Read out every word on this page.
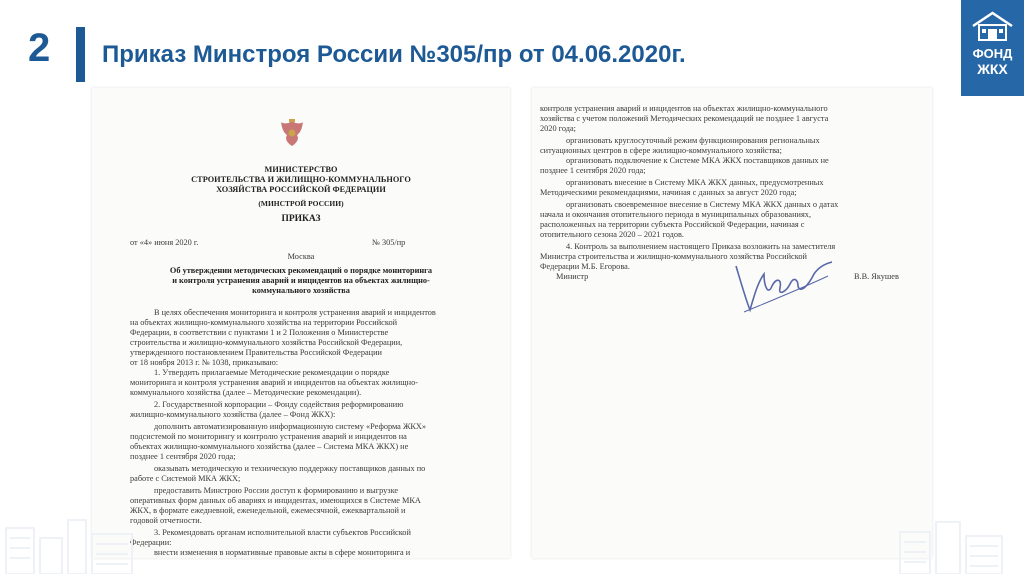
2 Приказ Минстроя России №305/пр от 04.06.2020г.	ФОНД
ЖКХ
МИНИСТЕРСТВО
СТРОИТЕЛЬСТВА И ЖИЛИЩНО-КОММУНАЛЬНОГО
ХОЗЯЙСТВА РОССИЙСКОЙ ФЕДЕРАЦИИ
(МИНСТРОЙ РОССИИ)
ПРИКАЗ
от «4» июня 2020 г.	№ 305/пр
Москва
Об утверждении методических рекомендаций о порядке мониторинга
и контроля устранения аварий и инцидентов на объектах жилищно-
коммунального хозяйства
В целях обеспечения мониторинга и контроля устранения аварий и инцидентов
на объектах жилищно-коммунального хозяйства на территории Российской
Федерации, в соответствии с пунктами 1 и 2 Положения о Министерстве
строительства и жилищно-коммунального хозяйства Российской Федерации,
утвержденного постановлением Правительства Российской Федерации
от 18 ноября 2013 г. № 1038, приказываю:
1. Утвердить прилагаемые Методические рекомендации о порядке
мониторинга и контроля устранения аварий и инцидентов на объектах жилищно-
коммунального хозяйства (далее – Методические рекомендации).
2. Государственной корпорации – Фонду содействия реформированию
жилищно-коммунального хозяйства (далее – Фонд ЖКХ):
дополнить автоматизированную информационную систему «Реформа ЖКХ»
подсистемой по мониторингу и контролю устранения аварий и инцидентов на
объектах жилищно-коммунального хозяйства (далее – Система МКА ЖКХ) не
позднее 1 сентября 2020 года;
оказывать методическую и техническую поддержку поставщиков данных по
работе с Системой МКА ЖКХ;
предоставить Минстрою России доступ к формированию и выгрузке
оперативных форм данных об авариях и инцидентах, имеющихся в Системе МКА
ЖКХ, в формате ежедневной, еженедельной, ежемесячной, ежеквартальной и
годовой отчетности.
3. Рекомендовать органам исполнительной власти субъектов Российской
Федерации:
внести изменения в нормативные правовые акты в сфере мониторинга и
контроля устранения аварий и инцидентов на объектах жилищно-коммунального
хозяйства с учетом положений Методических рекомендаций не позднее 1 августа
2020 года;
организовать круглосуточный режим функционирования региональных
ситуационных центров в сфере жилищно-коммунального хозяйства;
организовать подключение к Системе МКА ЖКХ поставщиков данных не
позднее 1 сентября 2020 года;
организовать внесение в Систему МКА ЖКХ данных, предусмотренных
Методическими рекомендациями, начиная с данных за август 2020 года;
организовать своевременное внесение в Систему МКА ЖКХ данных о датах
начала и окончания отопительного периода в муниципальных образованиях,
расположенных на территории субъекта Российской Федерации, начиная с
отопительного сезона 2020 – 2021 годов.
4. Контроль за выполнением настоящего Приказа возложить на заместителя
Министра строительства и жилищно-коммунального хозяйства Российской
Федерации М.Б. Егорова.
Министр	В.В. Якушев
